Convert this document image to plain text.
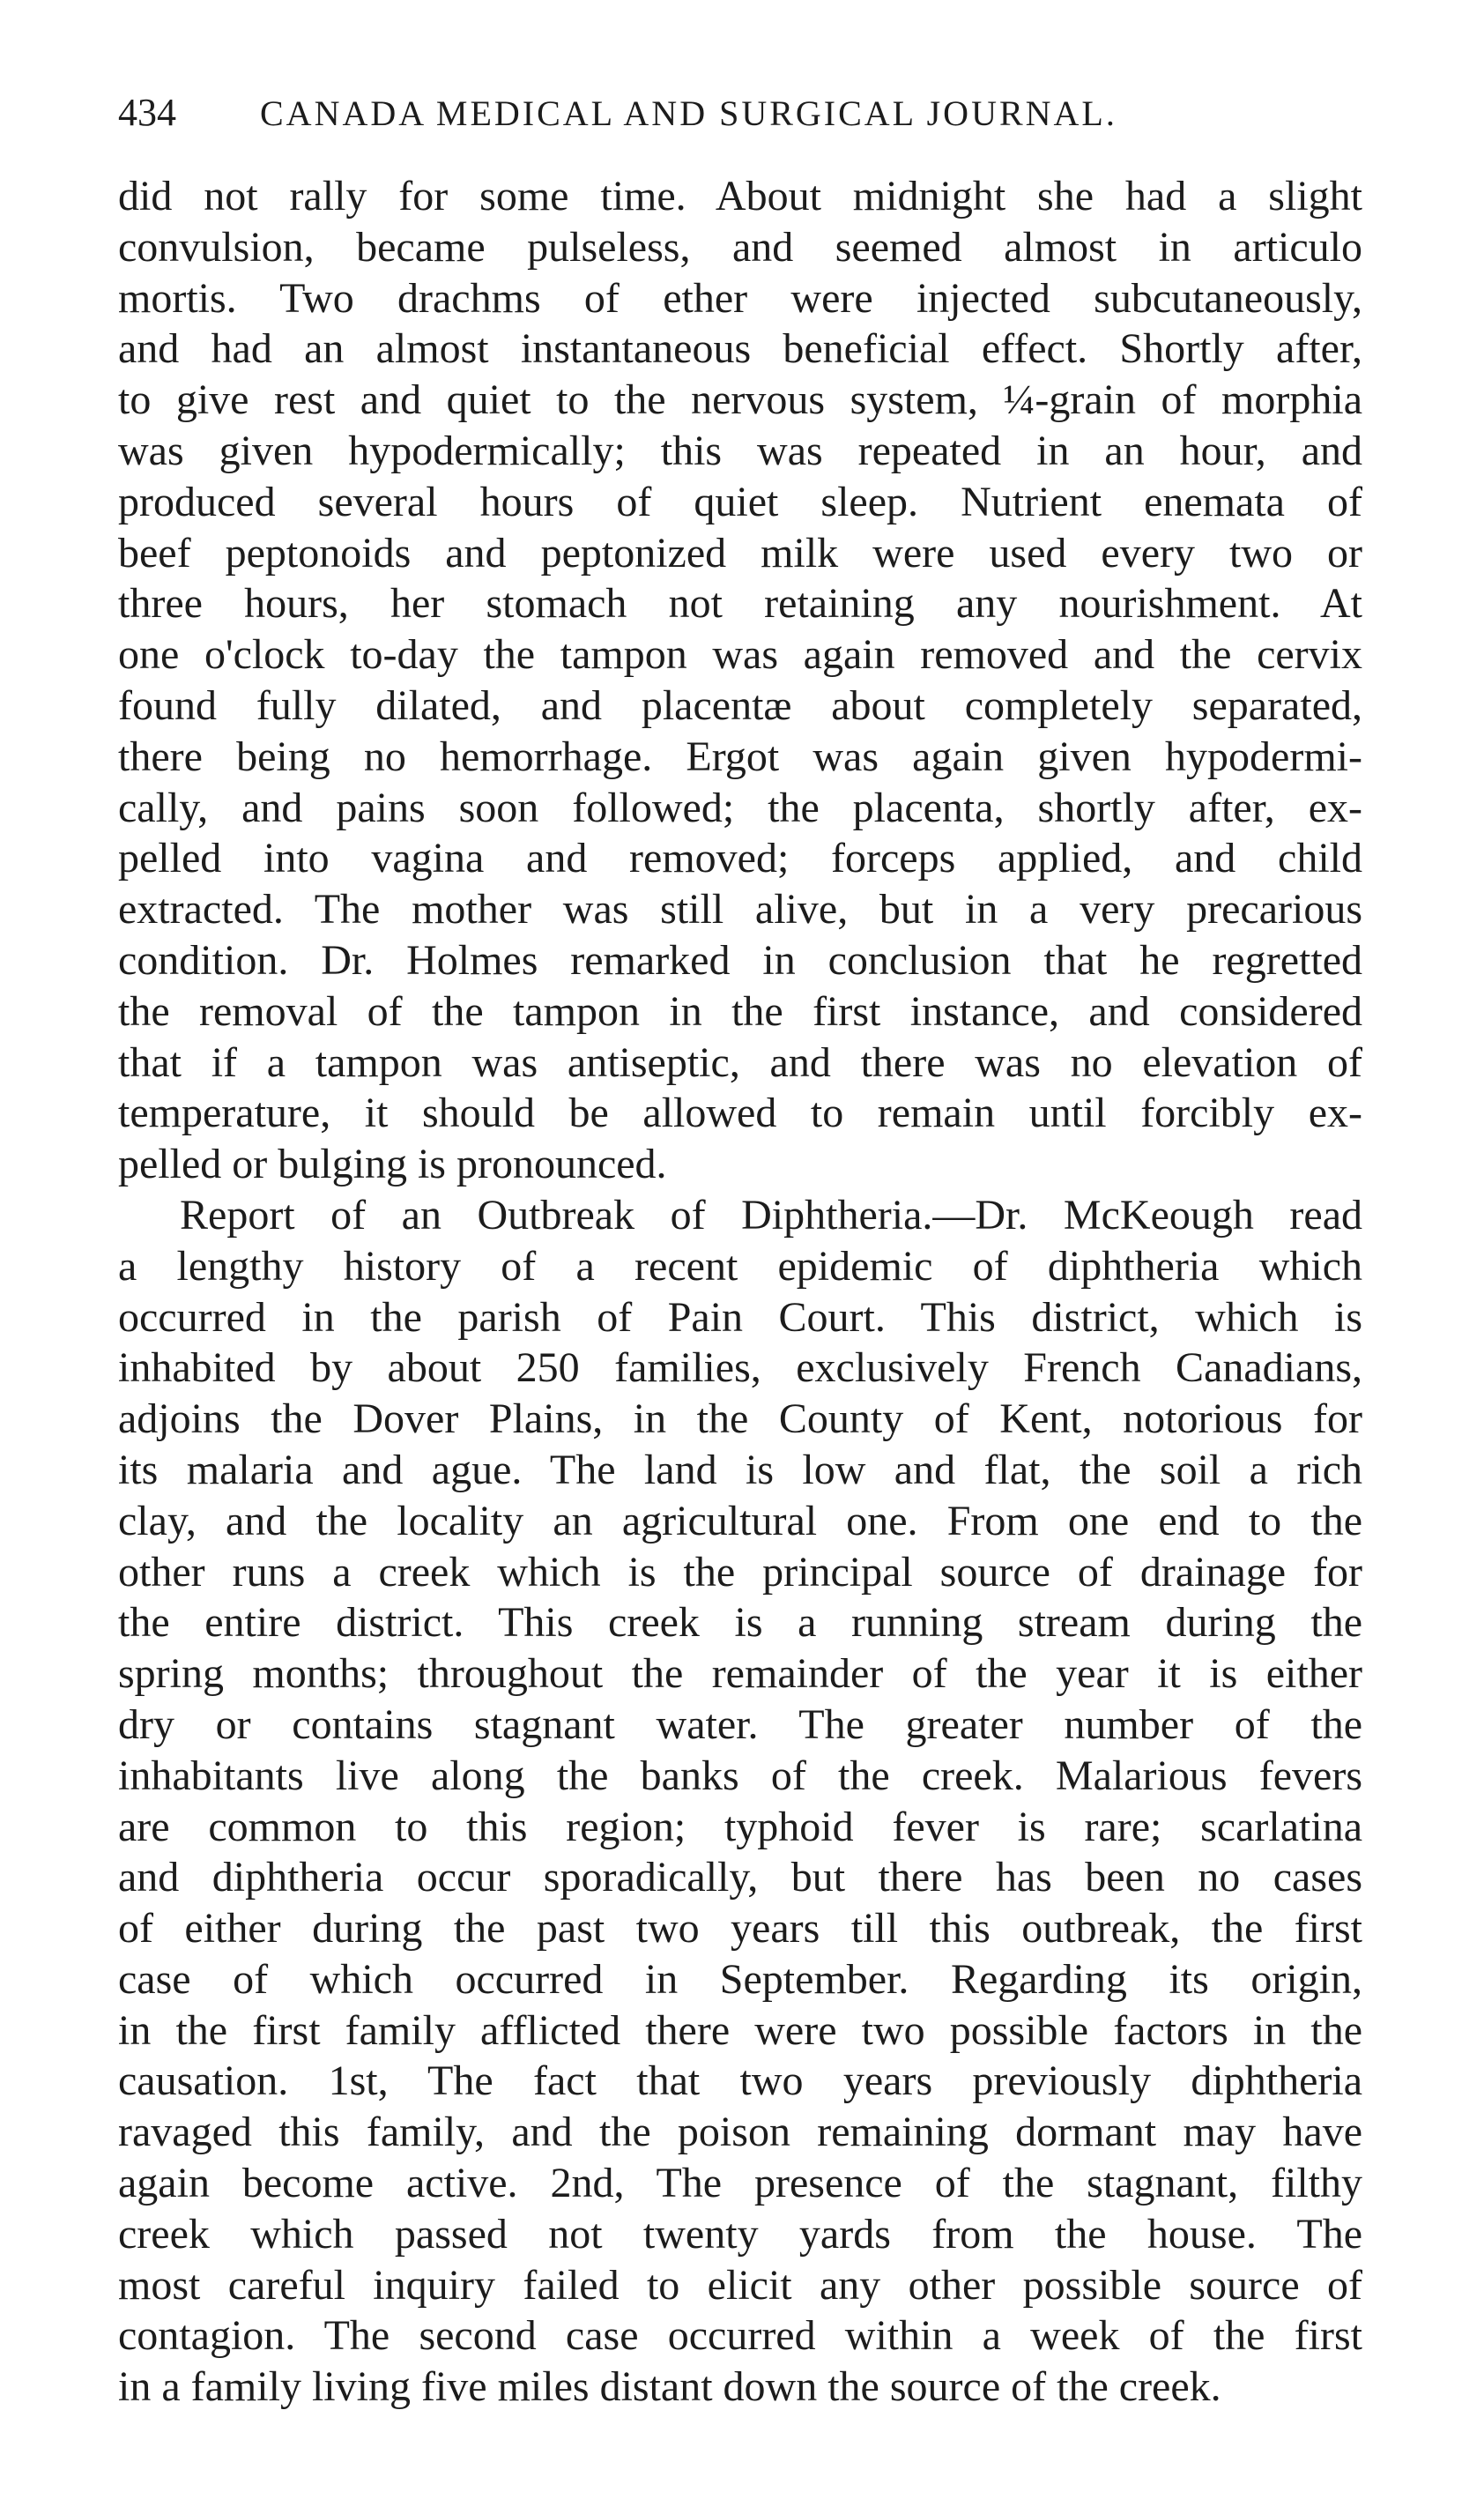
434 CANADA MEDICAL AND SURGICAL JOURNAL.
did not rally for some time. About midnight she had a slight
convulsion, became pulseless, and seemed almost in articulo
mortis. Two drachms of ether were injected subcutaneously,
and had an almost instantaneous beneficial effect. Shortly after,
to give rest and quiet to the nervous system, ¼-grain of morphia
was given hypodermically; this was repeated in an hour, and
produced several hours of quiet sleep. Nutrient enemata of
beef peptonoids and peptonized milk were used every two or
three hours, her stomach not retaining any nourishment. At
one o'clock to-day the tampon was again removed and the cervix
found fully dilated, and placentæ about completely separated,
there being no hemorrhage. Ergot was again given hypodermi-
cally, and pains soon followed; the placenta, shortly after, ex-
pelled into vagina and removed; forceps applied, and child
extracted. The mother was still alive, but in a very precarious
condition. Dr. Holmes remarked in conclusion that he regretted
the removal of the tampon in the first instance, and considered
that if a tampon was antiseptic, and there was no elevation of
temperature, it should be allowed to remain until forcibly ex-
pelled or bulging is pronounced.
Report of an Outbreak of Diphtheria.—Dr. McKeough read
a lengthy history of a recent epidemic of diphtheria which
occurred in the parish of Pain Court. This district, which is
inhabited by about 250 families, exclusively French Canadians,
adjoins the Dover Plains, in the County of Kent, notorious for
its malaria and ague. The land is low and flat, the soil a rich
clay, and the locality an agricultural one. From one end to the
other runs a creek which is the principal source of drainage for
the entire district. This creek is a running stream during the
spring months; throughout the remainder of the year it is either
dry or contains stagnant water. The greater number of the
inhabitants live along the banks of the creek. Malarious fevers
are common to this region; typhoid fever is rare; scarlatina
and diphtheria occur sporadically, but there has been no cases
of either during the past two years till this outbreak, the first
case of which occurred in September. Regarding its origin,
in the first family afflicted there were two possible factors in the
causation. 1st, The fact that two years previously diphtheria
ravaged this family, and the poison remaining dormant may have
again become active. 2nd, The presence of the stagnant, filthy
creek which passed not twenty yards from the house. The
most careful inquiry failed to elicit any other possible source of
contagion. The second case occurred within a week of the first
in a family living five miles distant down the source of the creek.
